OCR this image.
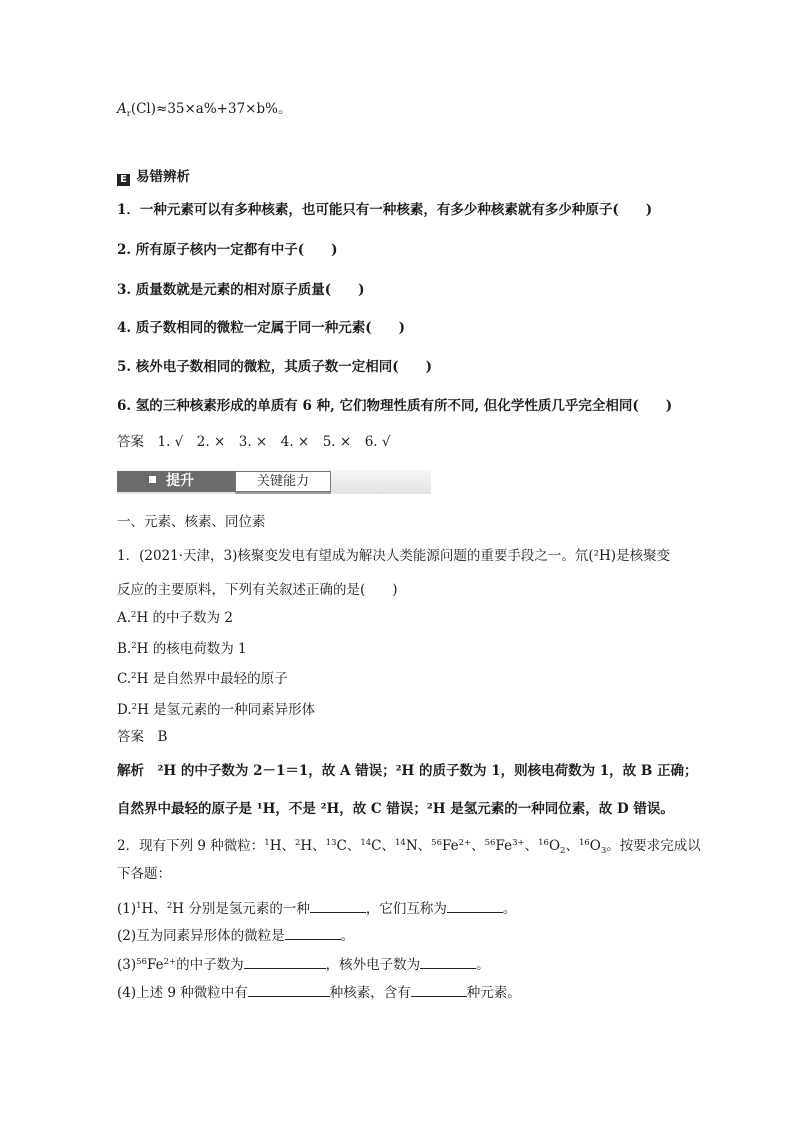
$A_r(Cl)\approx 35\times a\%+37\times b\%$。
E 易错辨析
1．一种元素可以有多种核素，也可能只有一种核素，有多少种核素就有多少种原子(　　)
2. 所有原子核内一定都有中子(　　)
3. 质量数就是元素的相对原子质量(　　)
4. 质子数相同的微粒一定属于同一种元素(　　)
5. 核外电子数相同的微粒，其质子数一定相同(　　)
6. 氢的三种核素形成的单质有 6 种, 它们物理性质有所不同, 但化学性质几乎完全相同(　　)
答案　1. √　2. ×　3. ×　4. ×　5. ×　6. √
提升	关键能力
一、元素、核素、同位素
1．(2021·天津，3)核聚变发电有望成为解决人类能源问题的重要手段之一。氘(²H)是核聚变
反应的主要原料，下列有关叙述正确的是(　　)
A.$^2$H 的中子数为 2
B.$^2$H 的核电荷数为 1
C.$^2$H 是自然界中最轻的原子
D.$^2$H 是氢元素的一种同素异形体
答案　B
解析　²H 的中子数为 2－1＝1，故 A 错误；²H 的质子数为 1，则核电荷数为 1，故 B 正确；
自然界中最轻的原子是 ¹H，不是 ²H，故 C 错误；²H 是氢元素的一种同位素，故 D 错误。
2．现有下列 9 种微粒：$^1$H、$^2$H、$^{13}$C、$^{14}$C、$^{14}$N、$^{56}Fe^{2+}$、$^{56}Fe^{3+}$、$^{16}O_2$、$^{16}O_3$。按要求完成以
下各题：
$(1)^1H$、$^2$H 分别是氢元素的一种	，它们互称为	。
(2)互为同素异形体的微粒是	。
$(3)^{56}Fe^{2+}$的中子数为	，核外电子数为	。
(4)上述 9 种微粒中有	种核素，含有	种元素。
